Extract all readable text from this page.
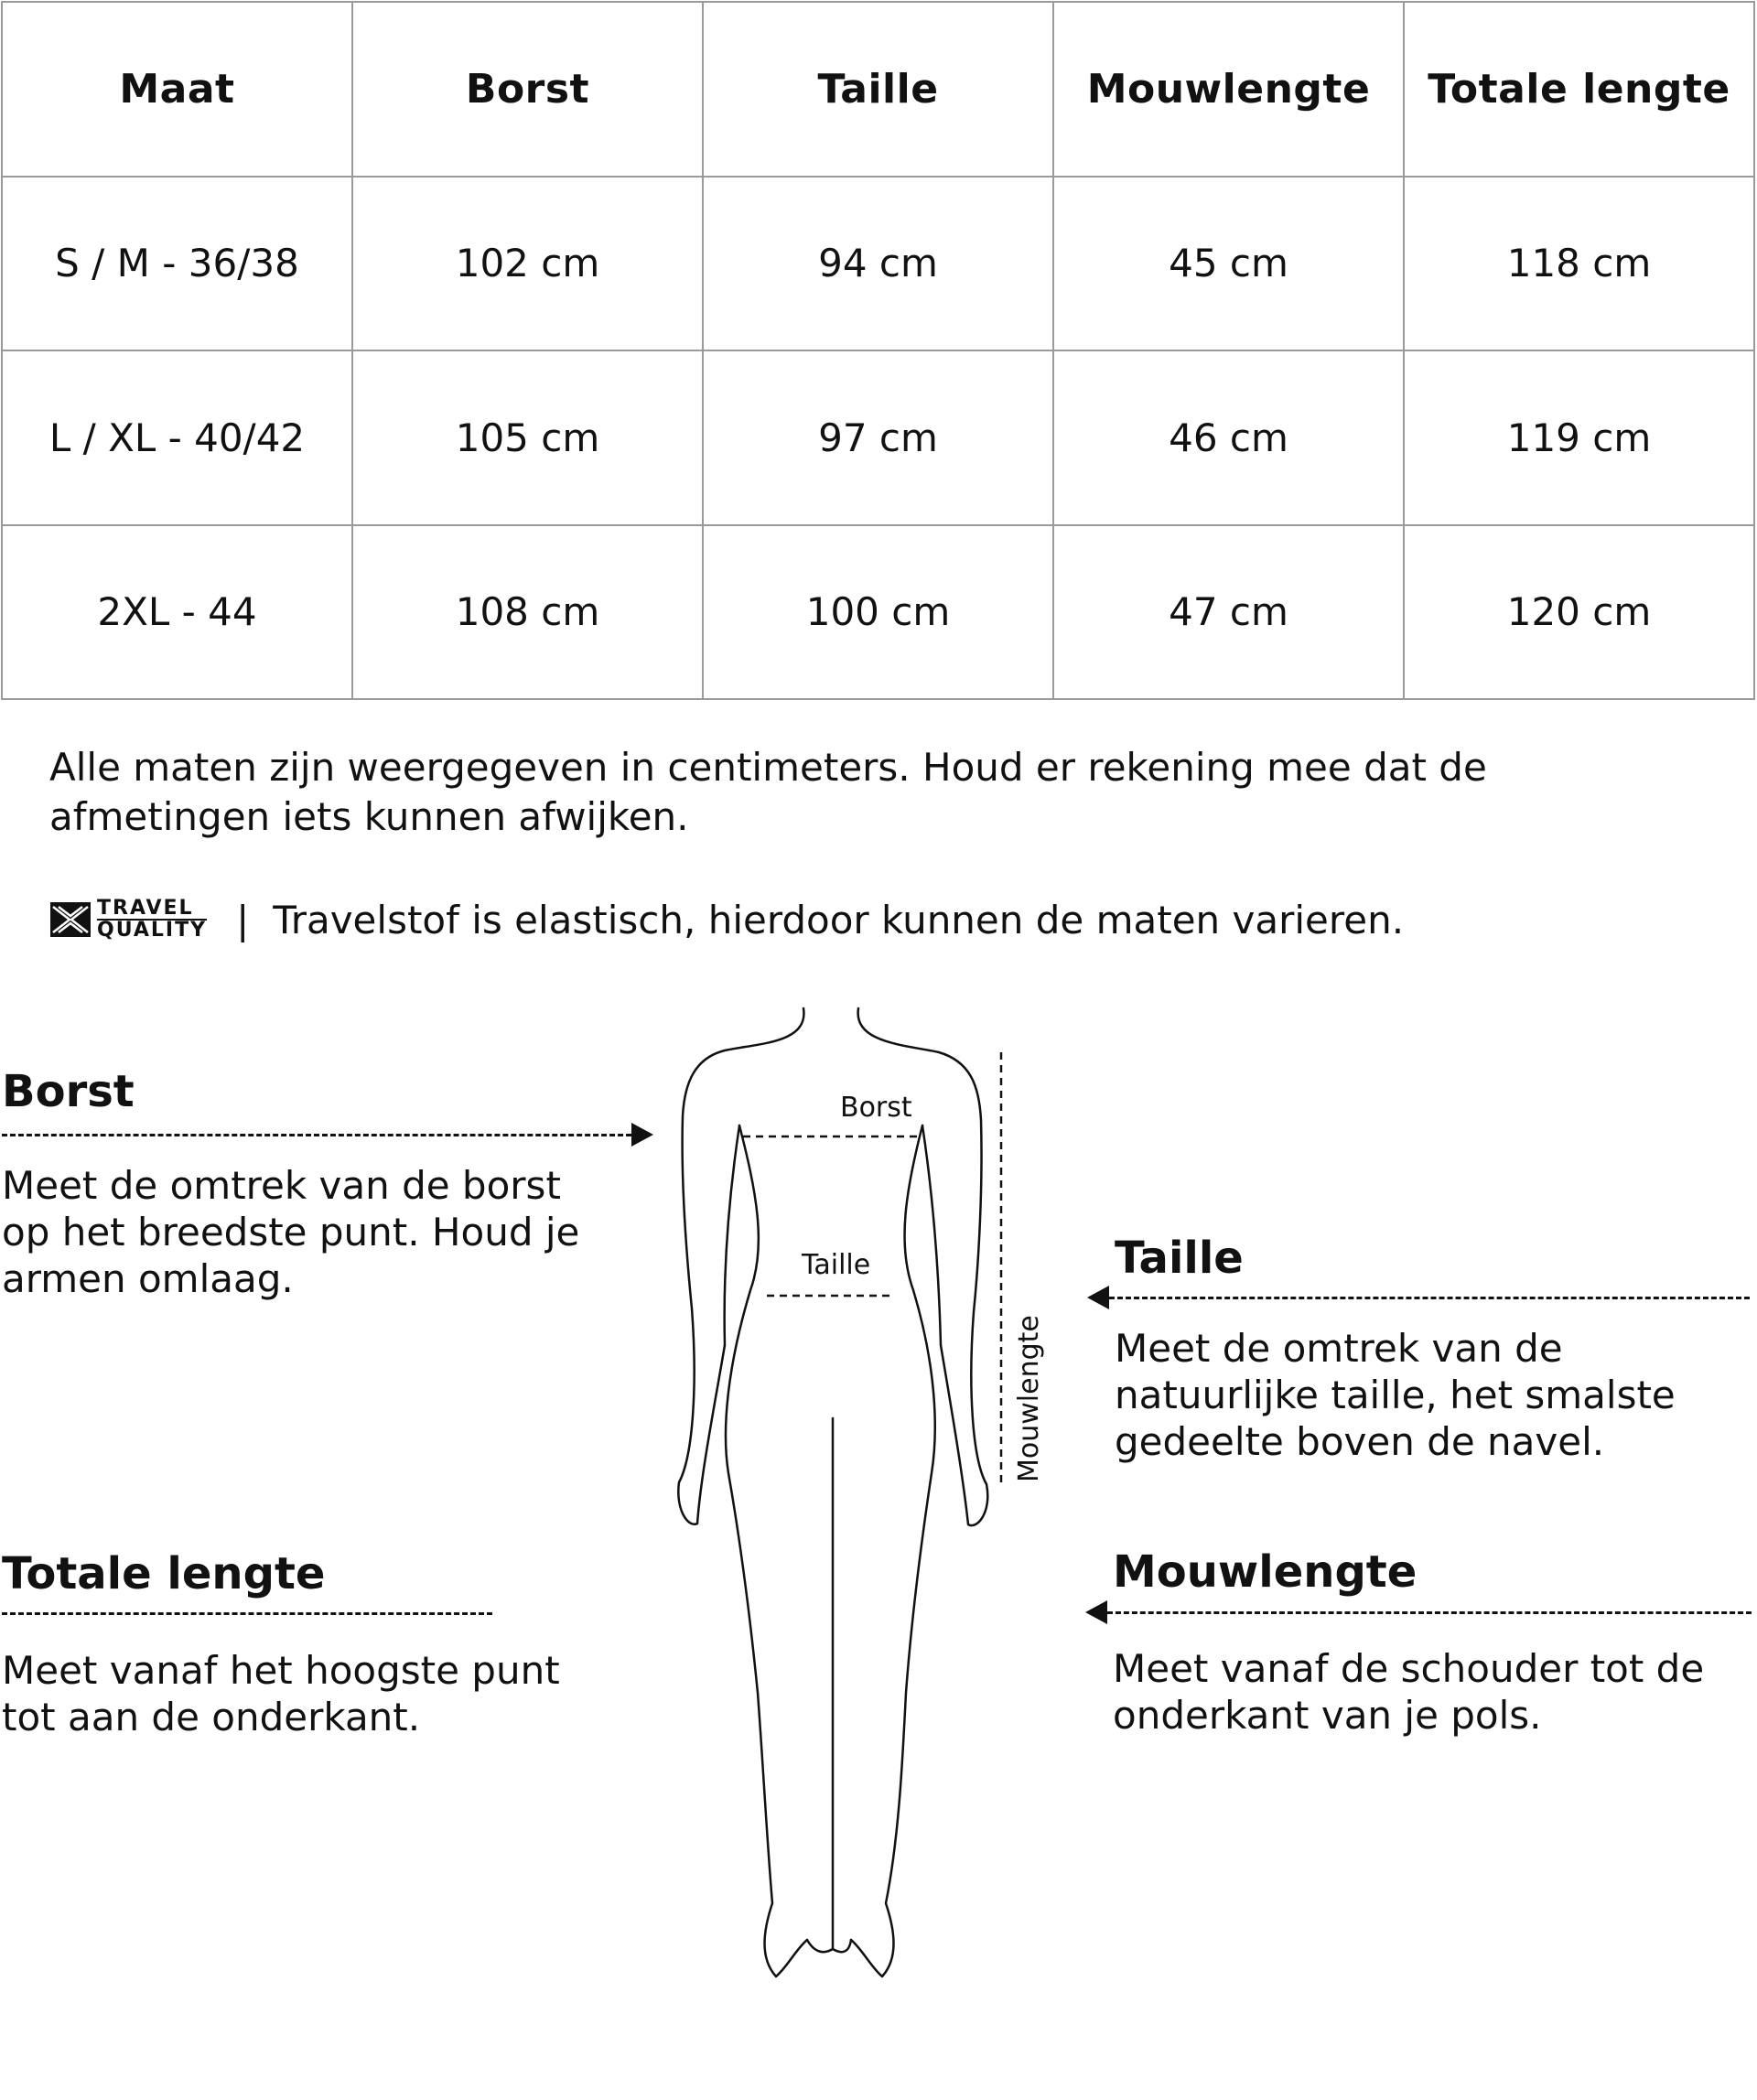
Maat	Borst	Taille	Mouwlengte	Totale lengte
S / M - 36/38	102 cm	94 cm	45 cm	118 cm
L / XL - 40/42	105 cm	97 cm	46 cm	119 cm
2XL - 44	108 cm	100 cm	47 cm	120 cm
Alle maten zijn weergegeven in centimeters. Houd er rekening mee dat de afmetingen iets kunnen afwijken.
TRAVEL
QUALITY | Travelstof is elastisch, hierdoor kunnen de maten varieren.
Borst
Meet de omtrek van de borst
op het breedste punt. Houd je
armen omlaag.
Totale lengte
Meet vanaf het hoogste punt
tot aan de onderkant.
Taille
Meet de omtrek van de
natuurlijke taille, het smalste
gedeelte boven de navel.
Mouwlengte
Meet vanaf de schouder tot de
onderkant van je pols.
Borst
Taille
Mouwlengte
